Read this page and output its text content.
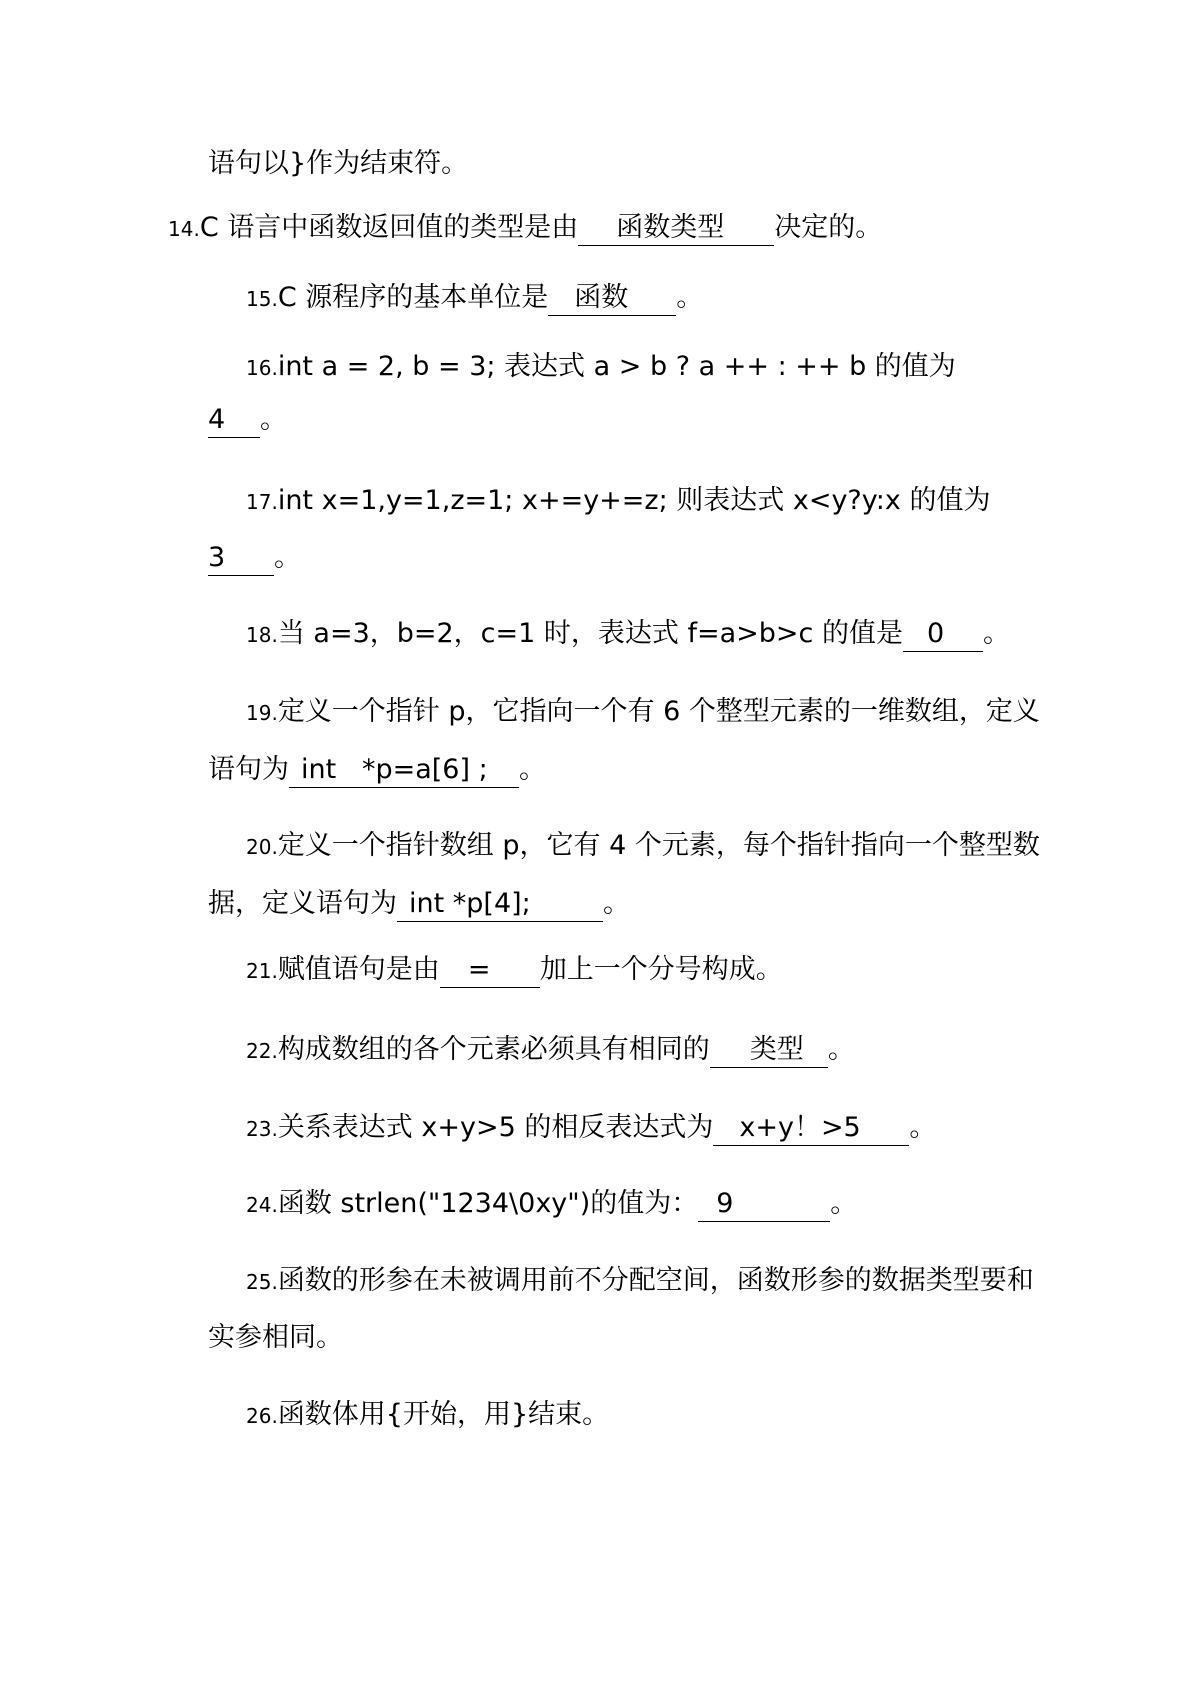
语句以}作为结束符。
14.C 语言中函数返回值的类型是由 函数类型 决定的。
15.C 源程序的基本单位是 函数 。
16.int a = 2, b = 3; 表达式 a > b ? a ++ : ++ b 的值为
4 。
17.int x=1,y=1,z=1; x+=y+=z; 则表达式 x<y?y:x 的值为
3 。
18.当 a=3，b=2，c=1 时，表达式 f=a>b>c 的值是 0 。
19.定义一个指针 p，它指向一个有 6 个整型元素的一维数组，定义
语句为 int   *p=a[6] ; 。
20.定义一个指针数组 p，它有 4 个元素，每个指针指向一个整型数
据，定义语句为 int *p[4];	。
21.赋值语句是由 = 加上一个分号构成。
22.构成数组的各个元素必须具有相同的 类型 。
23.关系表达式 x+y>5 的相反表达式为 x+y！>5 。
24.函数 strlen("1234\0xy")的值为： 9	。
25.函数的形参在未被调用前不分配空间，函数形参的数据类型要和
实参相同。
26.函数体用{开始，用}结束。
